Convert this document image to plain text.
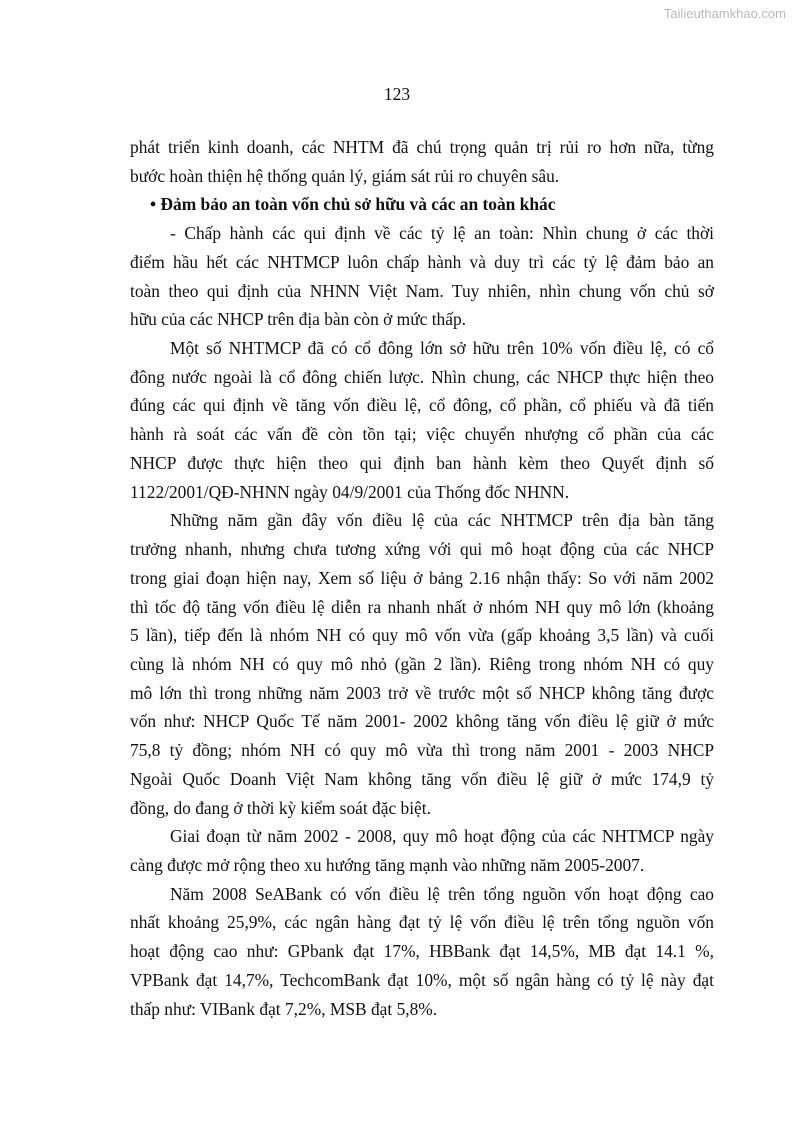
Tailieuthamkhao.com
123
phát triển kinh doanh, các NHTM đã chú trọng quản trị rủi ro hơn nữa, từng
bước hoàn thiện hệ thống quản lý, giám sát rủi ro chuyên sâu.
• Đảm bảo an toàn vốn chủ sở hữu và các an toàn khác
- Chấp hành các qui định về các tỷ lệ an toàn: Nhìn chung ở các thời
điểm hầu hết các NHTMCP luôn chấp hành và duy trì các tỷ lệ đảm bảo an
toàn theo qui định của NHNN Việt Nam. Tuy nhiên, nhìn chung vốn chủ sở
hữu của các NHCP trên địa bàn còn ở mức thấp.
Một số NHTMCP đã có cổ đông lớn sở hữu trên 10% vốn điều lệ, có cổ
đông nước ngoài là cổ đông chiến lược. Nhìn chung, các NHCP thực hiện theo
đúng các qui định về tăng vốn điều lệ, cổ đông, cổ phần, cổ phiếu và đã tiến
hành rà soát các vấn đề còn tồn tại; việc chuyển nhượng cổ phần của các
NHCP được thực hiện theo qui định ban hành kèm theo Quyết định số
1122/2001/QĐ-NHNN ngày 04/9/2001 của Thống đốc NHNN.
Những năm gần đây vốn điều lệ của các NHTMCP trên địa bàn tăng
trưởng nhanh, nhưng chưa tương xứng với qui mô hoạt động của các NHCP
trong giai đoạn hiện nay, Xem số liệu ở bảng 2.16 nhận thấy: So với năm 2002
thì tốc độ tăng vốn điều lệ diễn ra nhanh nhất ở nhóm NH quy mô lớn (khoảng
5 lần), tiếp đến là nhóm NH có quy mô vốn vừa (gấp khoảng 3,5 lần) và cuối
cùng là nhóm NH có quy mô nhỏ (gần 2 lần). Riêng trong nhóm NH có quy
mô lớn thì trong những năm 2003 trở về trước một số NHCP không tăng được
vốn như: NHCP Quốc Tế năm 2001- 2002 không tăng vốn điều lệ giữ ở mức
75,8 tỷ đồng; nhóm NH có quy mô vừa thì trong năm 2001 - 2003 NHCP
Ngoài Quốc Doanh Việt Nam không tăng vốn điều lệ giữ ở mức 174,9 tỷ
đồng, do đang ở thời kỳ kiểm soát đặc biệt.
Giai đoạn từ năm 2002 - 2008, quy mô hoạt động của các NHTMCP ngày
càng được mở rộng theo xu hướng tăng mạnh vào những năm 2005-2007.
Năm 2008 SeABank có vốn điều lệ trên tổng nguồn vốn hoạt động cao
nhất khoảng 25,9%, các ngân hàng đạt tỷ lệ vốn điều lệ trên tổng nguồn vốn
hoạt động cao như: GPbank đạt 17%, HBBank đạt 14,5%, MB đạt 14.1 %,
VPBank đạt 14,7%, TechcomBank đạt 10%, một số ngân hàng có tỷ lệ này đạt
thấp như: VIBank đạt 7,2%, MSB đạt 5,8%.
